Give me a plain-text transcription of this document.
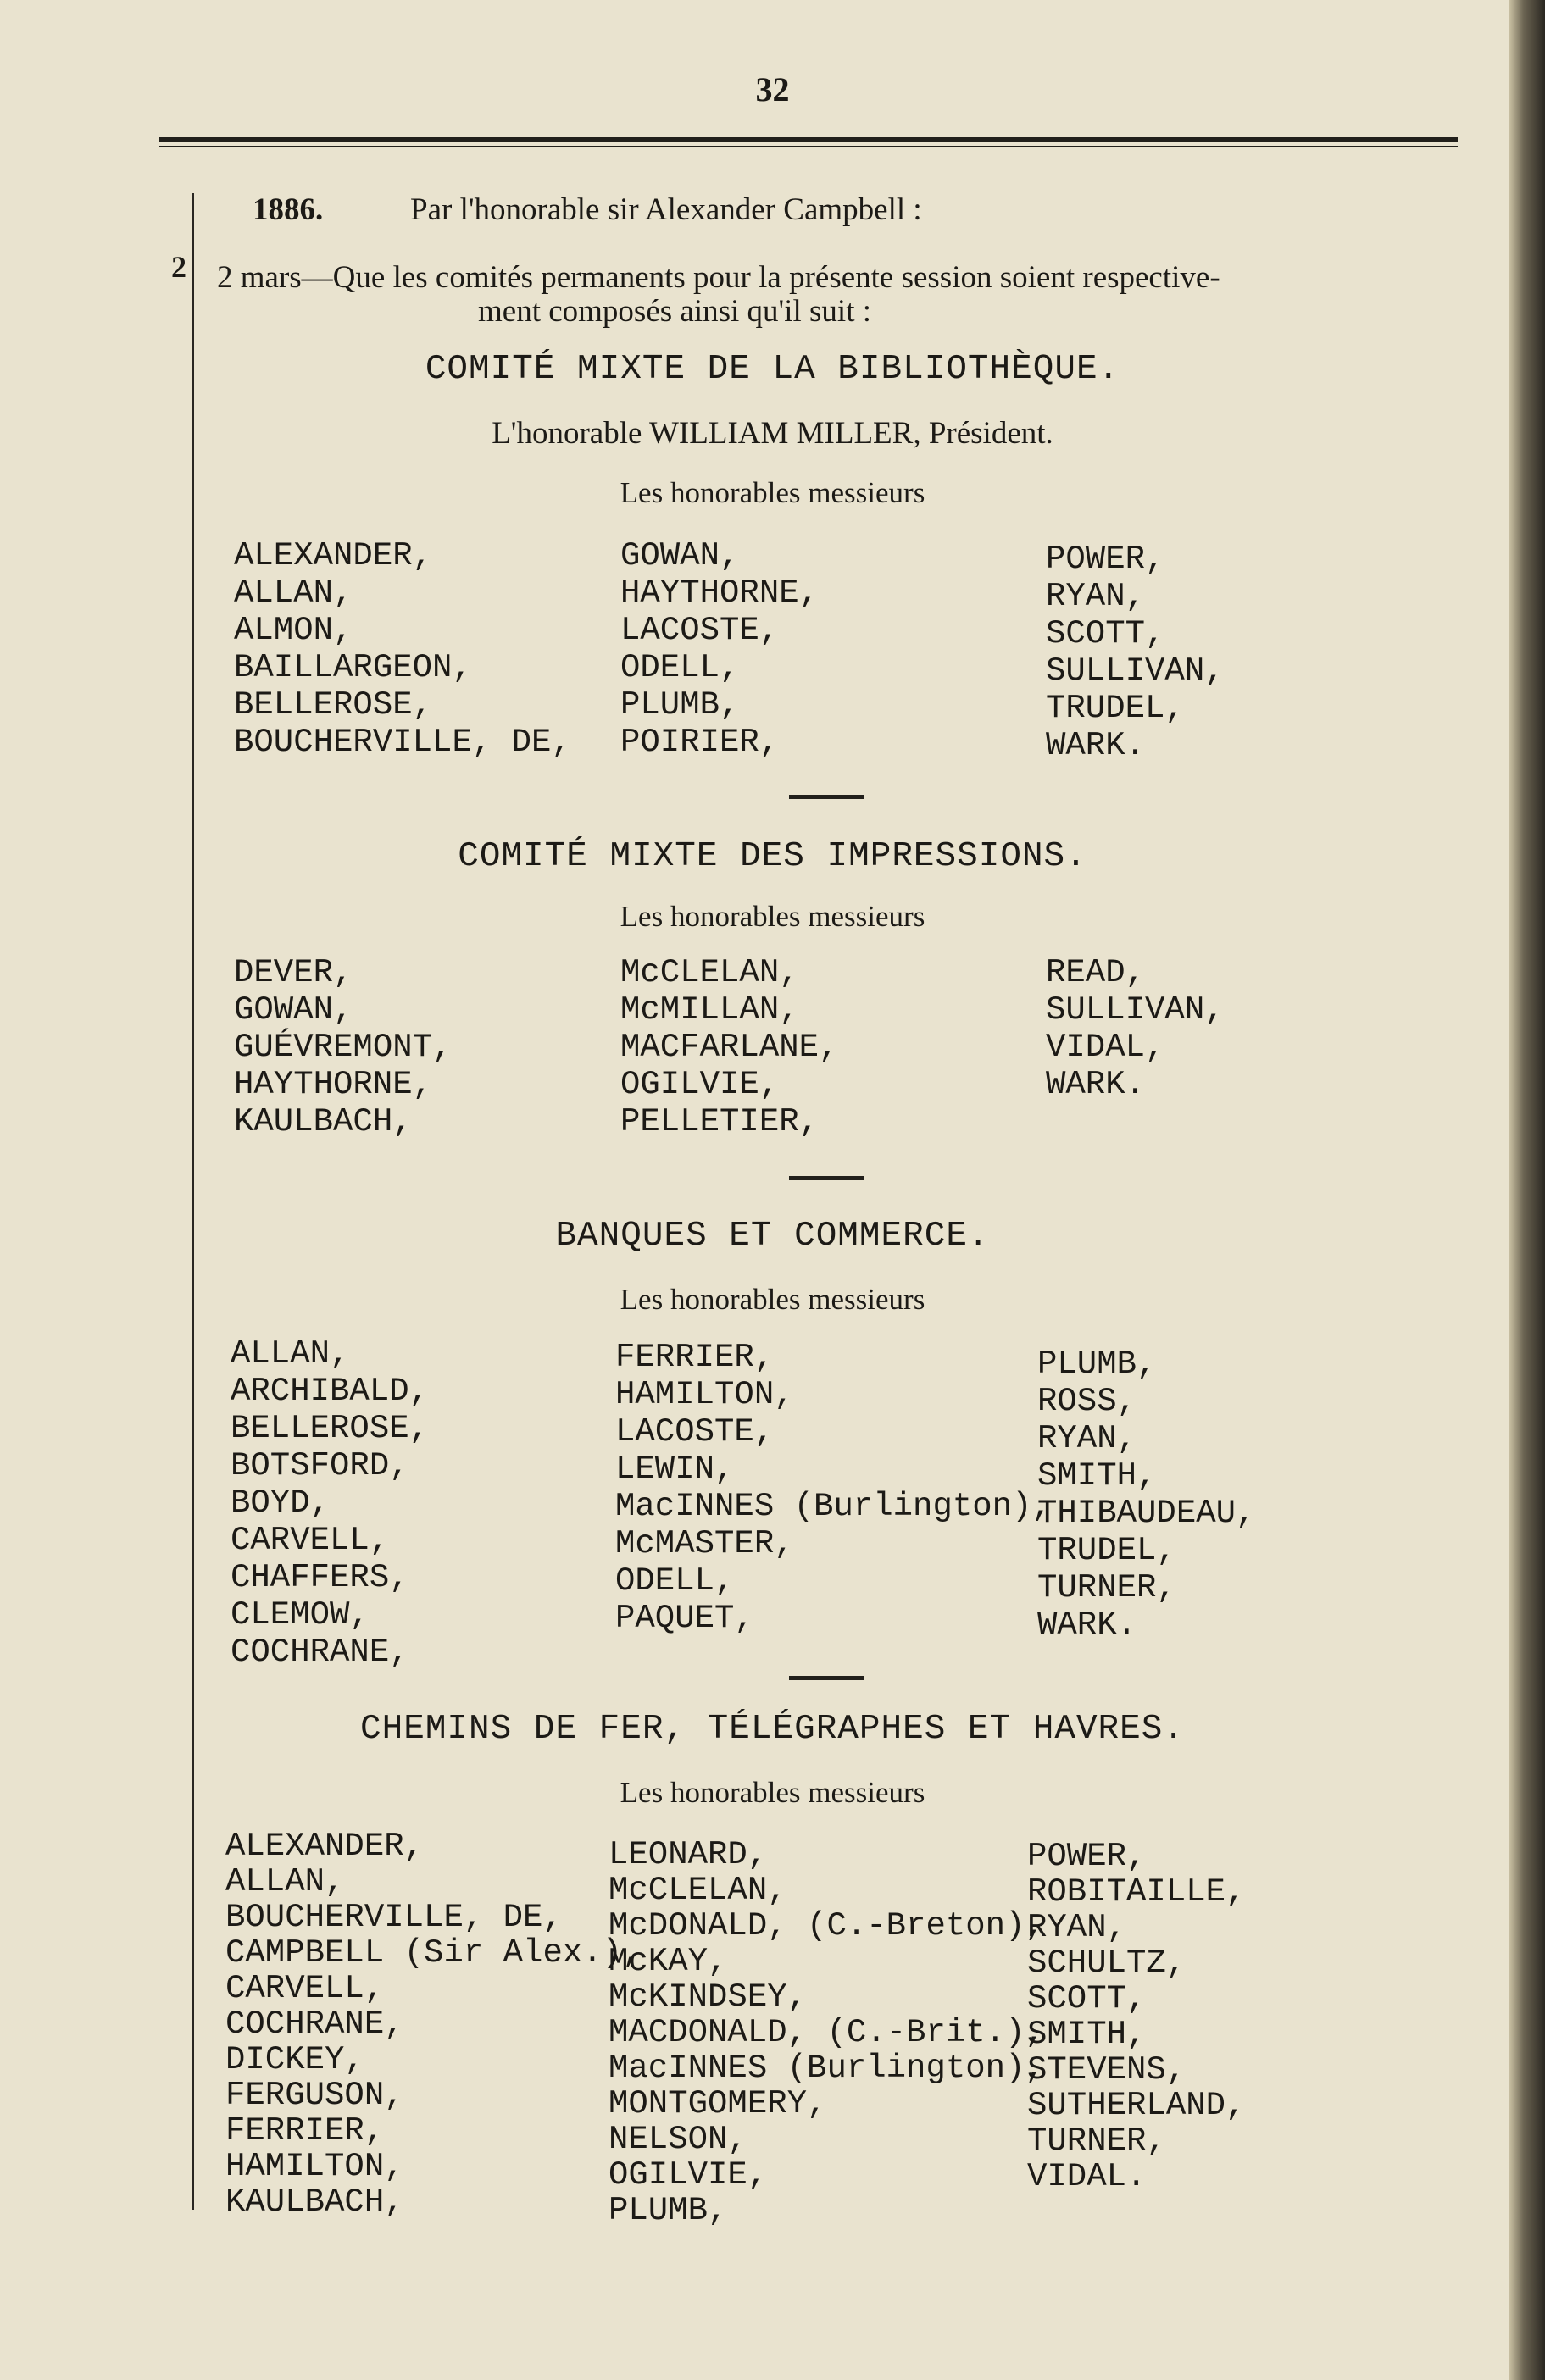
32
2
1886.	Par l'honorable sir Alexander Campbell :
2 mars—Que les comités permanents pour la présente session soient respective-
ment composés ainsi qu'il suit :
COMITÉ MIXTE DE LA BIBLIOTHÈQUE.
L'honorable WILLIAM MILLER, Président.
Les honorables messieurs
ALEXANDER,
ALLAN,
ALMON,
BAILLARGEON,
BELLEROSE,
BOUCHERVILLE, DE,
GOWAN,
HAYTHORNE,
LACOSTE,
ODELL,
PLUMB,
POIRIER,
POWER,
RYAN,
SCOTT,
SULLIVAN,
TRUDEL,
WARK.
COMITÉ MIXTE DES IMPRESSIONS.
Les honorables messieurs
DEVER,
GOWAN,
GUÉVREMONT,
HAYTHORNE,
KAULBACH,
McCLELAN,
McMILLAN,
MACFARLANE,
OGILVIE,
PELLETIER,
READ,
SULLIVAN,
VIDAL,
WARK.
BANQUES ET COMMERCE.
Les honorables messieurs
ALLAN,
ARCHIBALD,
BELLEROSE,
BOTSFORD,
BOYD,
CARVELL,
CHAFFERS,
CLEMOW,
COCHRANE,
FERRIER,
HAMILTON,
LACOSTE,
LEWIN,
MacINNES (Burlington),
McMASTER,
ODELL,
PAQUET,
PLUMB,
ROSS,
RYAN,
SMITH,
THIBAUDEAU,
TRUDEL,
TURNER,
WARK.
CHEMINS DE FER, TÉLÉGRAPHES ET HAVRES.
Les honorables messieurs
ALEXANDER,
ALLAN,
BOUCHERVILLE, DE,
CAMPBELL (Sir Alex.),
CARVELL,
COCHRANE,
DICKEY,
FERGUSON,
FERRIER,
HAMILTON,
KAULBACH,
LEONARD,
McCLELAN,
McDONALD, (C.-Breton),
McKAY,
McKINDSEY,
MACDONALD, (C.-Brit.),
MacINNES (Burlington),
MONTGOMERY,
NELSON,
OGILVIE,
PLUMB,
POWER,
ROBITAILLE,
RYAN,
SCHULTZ,
SCOTT,
SMITH,
STEVENS,
SUTHERLAND,
TURNER,
VIDAL.
